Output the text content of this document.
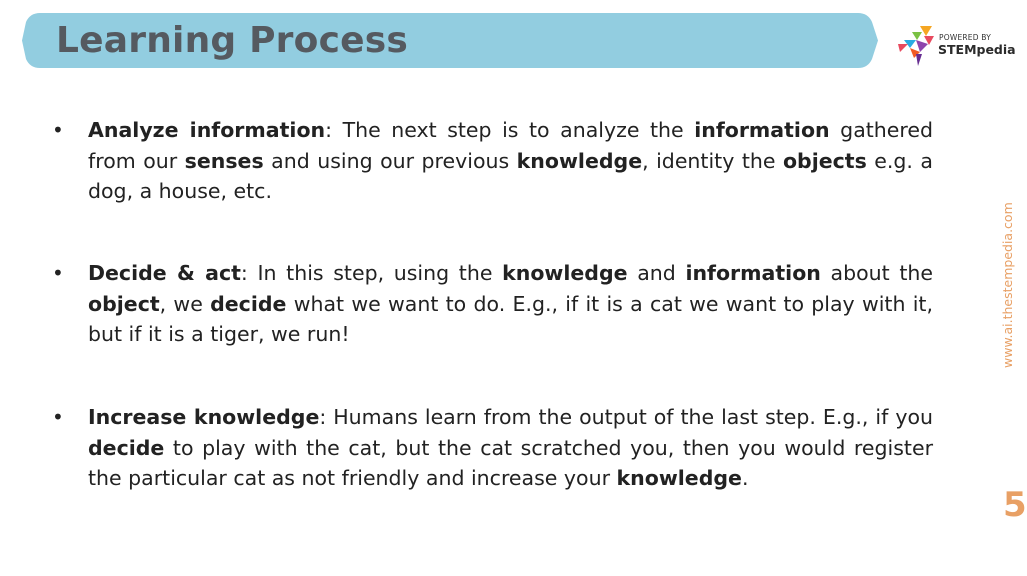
Learning Process	POWERED BY
STEMpedia
www.ai.thestempedia.com
5
• Analyze information: The next step is to analyze the information gathered from our senses and using our previous knowledge, identity the objects e.g. a dog, a house, etc.
• Decide & act: In this step, using the knowledge and information about the object, we decide what we want to do. E.g., if it is a cat we want to play with it, but if it is a tiger, we run!
• Increase knowledge: Humans learn from the output of the last step. E.g., if you decide to play with the cat, but the cat scratched you, then you would register the particular cat as not friendly and increase your knowledge.
